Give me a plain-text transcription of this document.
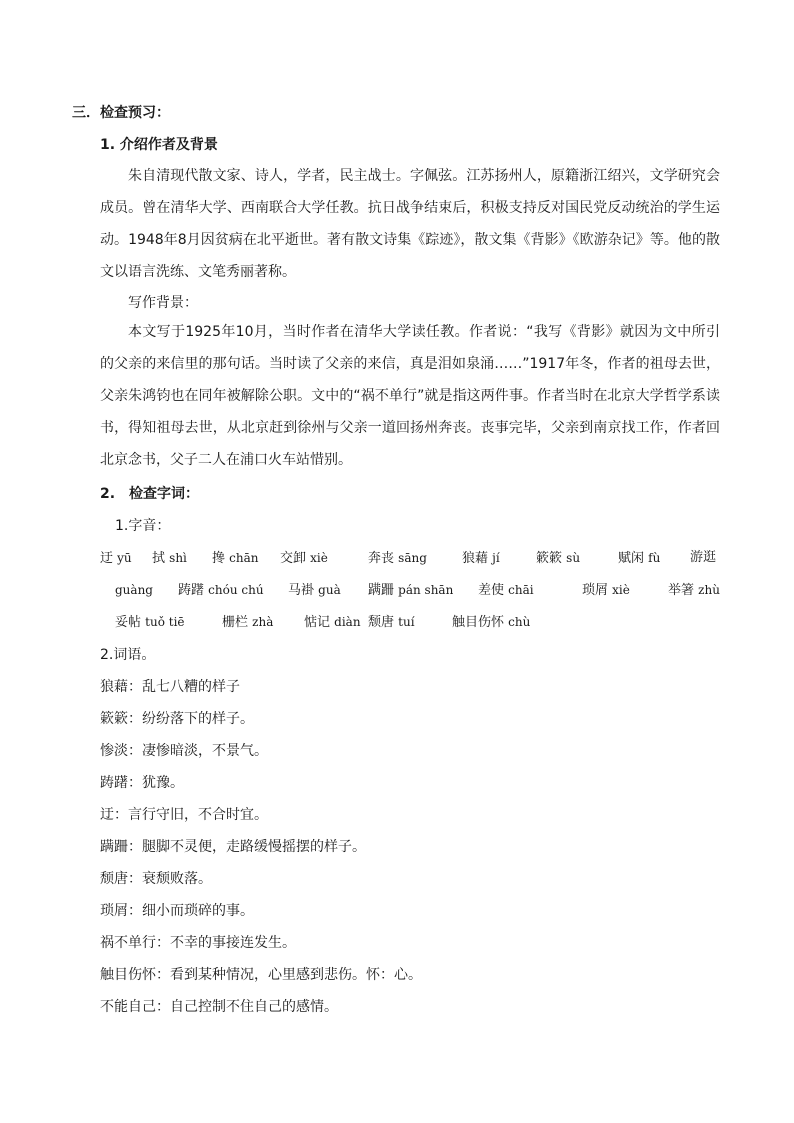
三．检查预习：
1. 介绍作者及背景
朱自清现代散文家、诗人，学者，民主战士。字佩弦。江苏扬州人，原籍浙江绍兴，文学研究会成员。曾在清华大学、西南联合大学任教。抗日战争结束后，积极支持反对国民党反动统治的学生运动。1948年8月因贫病在北平逝世。著有散文诗集《踪迹》，散文集《背影》《欧游杂记》等。他的散文以语言洗练、文笔秀丽著称。
写作背景：
本文写于1925年10月，当时作者在清华大学读任教。作者说：“我写《背影》就因为文中所引的父亲的来信里的那句话。当时读了父亲的来信，真是泪如泉涌……”1917年冬，作者的祖母去世，父亲朱鸿钧也在同年被解除公职。文中的“祸不单行”就是指这两件事。作者当时在北京大学哲学系读书，得知祖母去世，从北京赶到徐州与父亲一道回扬州奔丧。丧事完毕，父亲到南京找工作，作者回北京念书，父子二人在浦口火车站惜别。
2.　检查字词：
1.字音：
迂 yū 拭 shì 搀 chān 交卸 xiè	奔丧 sāng	狼藉 jí	簌簌 sù	赋闲 fù 游逛
guàng 踌躇 chóu chú 马褂 guà 蹒跚 pán shān 差使 chāi	琐屑 xiè	举箸 zhù
妥帖 tuǒ tiē	栅栏 zhà 惦记 diàn 颓唐 tuí	触目伤怀 chù
2.词语。
狼藉：乱七八糟的样子
簌簌：纷纷落下的样子。
惨淡：凄惨暗淡，不景气。
踌躇：犹豫。
迂：言行守旧，不合时宜。
蹒跚：腿脚不灵便，走路缓慢摇摆的样子。
颓唐：衰颓败落。
琐屑：细小而琐碎的事。
祸不单行：不幸的事接连发生。
触目伤怀：看到某种情况，心里感到悲伤。怀：心。
不能自己：自己控制不住自己的感情。
